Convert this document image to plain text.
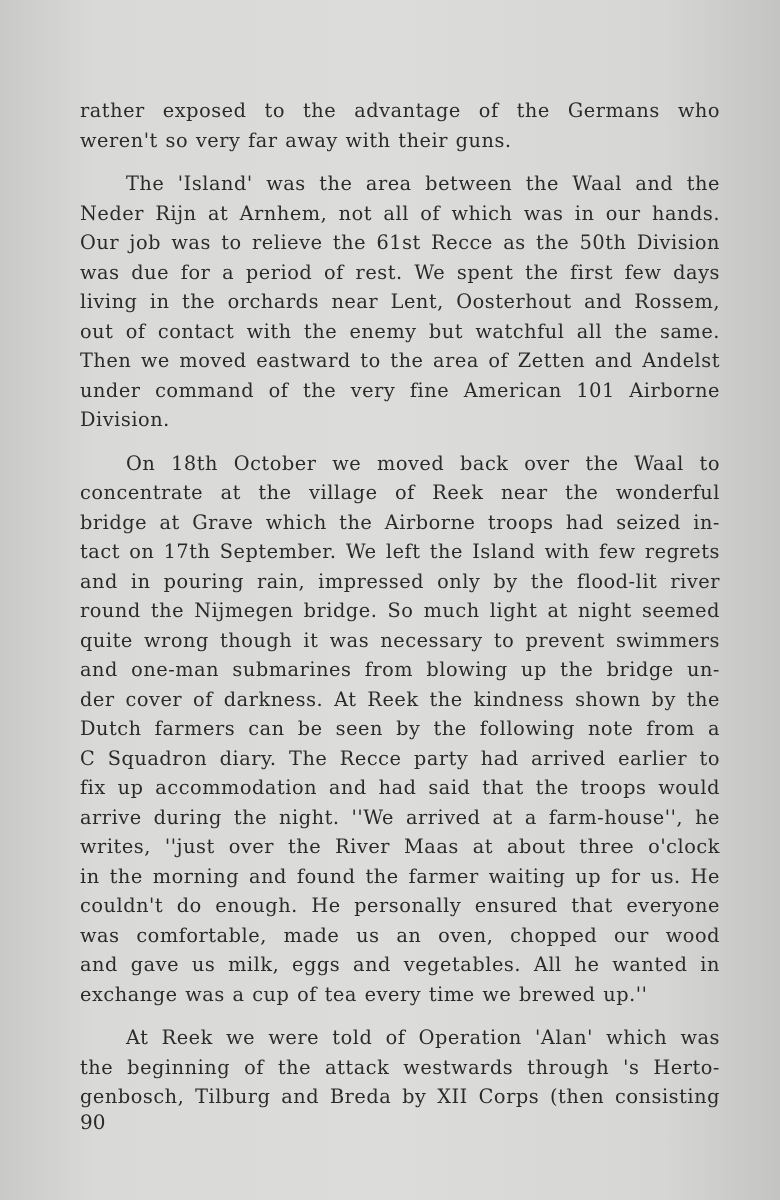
rather exposed to the advantage of the Germans who
weren't so very far away with their guns.
The 'Island' was the area between the Waal and the
Neder Rijn at Arnhem, not all of which was in our hands.
Our job was to relieve the 61st Recce as the 50th Division
was due for a period of rest. We spent the first few days
living in the orchards near Lent, Oosterhout and Rossem,
out of contact with the enemy but watchful all the same.
Then we moved eastward to the area of Zetten and Andelst
under command of the very fine American 101 Airborne
Division.
On 18th October we moved back over the Waal to
concentrate at the village of Reek near the wonderful
bridge at Grave which the Airborne troops had seized in-
tact on 17th September. We left the Island with few regrets
and in pouring rain, impressed only by the flood-lit river
round the Nijmegen bridge. So much light at night seemed
quite wrong though it was necessary to prevent swimmers
and one-man submarines from blowing up the bridge un-
der cover of darkness. At Reek the kindness shown by the
Dutch farmers can be seen by the following note from a
C Squadron diary. The Recce party had arrived earlier to
fix up accommodation and had said that the troops would
arrive during the night. ''We arrived at a farm-house'', he
writes, ''just over the River Maas at about three o'clock
in the morning and found the farmer waiting up for us. He
couldn't do enough. He personally ensured that everyone
was comfortable, made us an oven, chopped our wood
and gave us milk, eggs and vegetables. All he wanted in
exchange was a cup of tea every time we brewed up.''
At Reek we were told of Operation 'Alan' which was
the beginning of the attack westwards through 's Herto-
genbosch, Tilburg and Breda by XII Corps (then consisting
90
